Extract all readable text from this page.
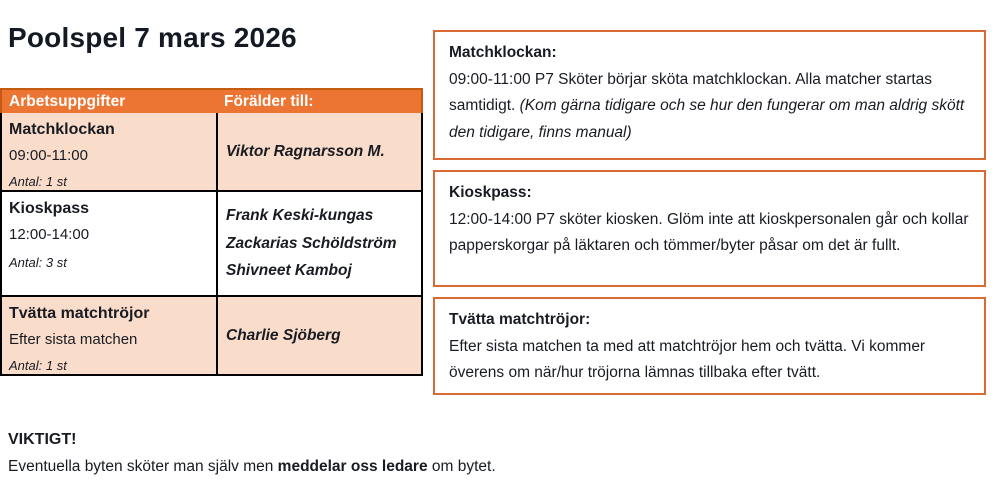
Poolspel 7 mars 2026
Arbetsuppgifter	Förälder till:
Matchklockan
09:00-11:00
Antal: 1 st
Viktor Ragnarsson M.
Kioskpass
12:00-14:00
Antal: 3 st
Frank Keski-kungas
Zackarias Schöldström
Shivneet Kamboj
Tvätta matchtröjor
Efter sista matchen
Antal: 1 st
Charlie Sjöberg
Matchklockan:
09:00-11:00 P7 Sköter börjar sköta matchklockan. Alla matcher startas samtidigt. (Kom gärna tidigare och se hur den fungerar om man aldrig skött den tidigare, finns manual)
Kioskpass:
12:00-14:00 P7 sköter kiosken. Glöm inte att kioskpersonalen går och kollar papperskorgar på läktaren och tömmer/byter påsar om det är fullt.
Tvätta matchtröjor:
Efter sista matchen ta med att matchtröjor hem och tvätta. Vi kommer överens om när/hur tröjorna lämnas tillbaka efter tvätt.
VIKTIGT!
Eventuella byten sköter man själv men meddelar oss ledare om bytet.
